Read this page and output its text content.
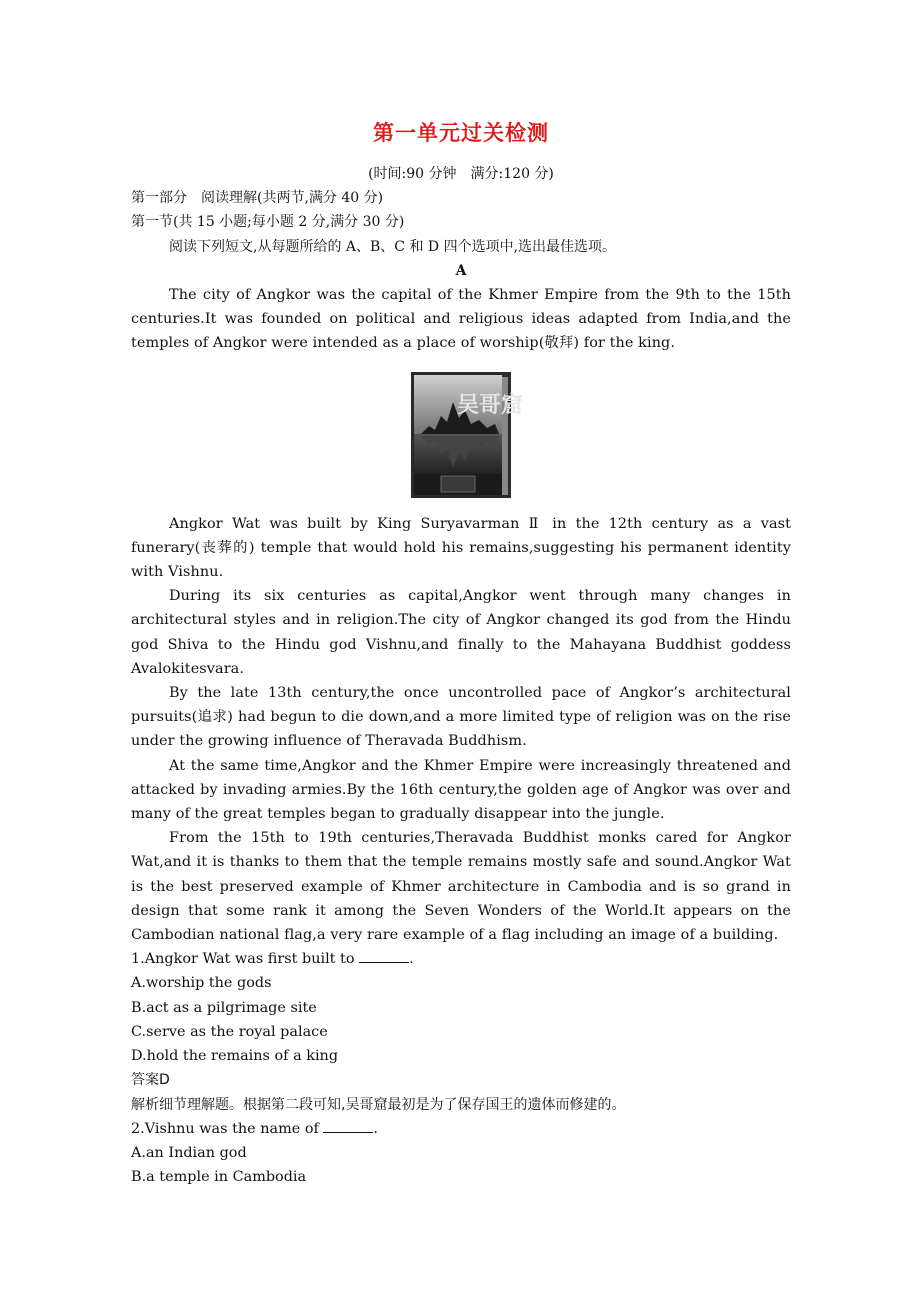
第一单元过关检测

(时间:90 分钟　满分:120 分)

第一部分　阅读理解(共两节,满分 40 分)

第一节(共 15 小题;每小题 2 分,满分 30 分)

阅读下列短文,从每题所给的 A、B、C 和 D 四个选项中,选出最佳选项。

A

The city of Angkor was the capital of the Khmer Empire from the 9th to the 15th centuries.It was founded on political and religious ideas adapted from India,and the temples of Angkor were intended as a place of worship(敬拜) for the king.

吴哥窟

Angkor Wat was built by King Suryavarman Ⅱ in the 12th century as a vast funerary(丧葬的) temple that would hold his remains,suggesting his permanent identity with Vishnu.

During its six centuries as capital,Angkor went through many changes in architectural styles and in religion.The city of Angkor changed its god from the Hindu god Shiva to the Hindu god Vishnu,and finally to the Mahayana Buddhist goddess Avalokitesvara.

By the late 13th century,the once uncontrolled pace of Angkor’s architectural pursuits(追求) had begun to die down,and a more limited type of religion was on the rise under the growing influence of Theravada Buddhism.

At the same time,Angkor and the Khmer Empire were increasingly threatened and attacked by invading armies.By the 16th century,the golden age of Angkor was over and many of the great temples began to gradually disappear into the jungle.

From the 15th to 19th centuries,Theravada Buddhist monks cared for Angkor Wat,and it is thanks to them that the temple remains mostly safe and sound.Angkor Wat is the best preserved example of Khmer architecture in Cambodia and is so grand in design that some rank it among the Seven Wonders of the World.It appears on the Cambodian national flag,a very rare example of a flag including an image of a building.

1.Angkor Wat was first built to	.

A.worship the gods

B.act as a pilgrimage site

C.serve as the royal palace

D.hold the remains of a king

答案D

解析细节理解题。根据第二段可知,吴哥窟最初是为了保存国王的遗体而修建的。

2.Vishnu was the name of	.

A.an Indian god

B.a temple in Cambodia
